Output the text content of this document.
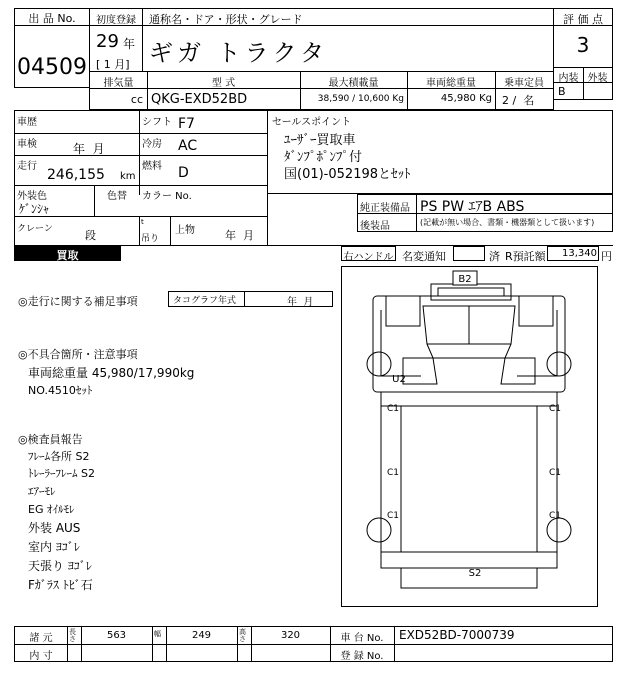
出 品 No.
04509
初度登録
29 年
[ 1 月]
通称名・ドア・形状・グレード
ギガ トラクタ
評 価 点
3
内装 外装
B
排気量
cc
型 式
QKG-EXD52BD
最大積載量
38,590 / 10,600 Kg
車両総重量
45,980 Kg
乗車定員
2 /  名
車歴
車検	年  月
走行
246,155 km
シフト F7
冷房 AC
燃料 D
外装色
ｹﾞﾝｼｬ
色替 カラー No.
クレーン	段
t
吊り
上物	年  月
セールスポイント
ﾕｰｻﾞｰ買取車
ﾀﾞﾝﾌﾟﾎﾟﾝﾌﾟ付
国(01)-052198とｾｯﾄ
純正装備品 PS PW ｴｱB ABS
後装品	(記載が無い場合、書類・機器類として扱います)
買取	右ハンドル 名変通知	済 R預託額	13,340 円
◎走行に関する補足事項	タコグラフ年式	年  月
◎不具合箇所・注意事項
車両総重量 45,980/17,990kg
NO.4510ｾｯﾄ
◎検査員報告
ﾌﾚｰﾑ各所 S2
ﾄﾚｰﾗｰﾌﾚｰﾑ S2
ｴｱｰﾓﾚ
EG ｵｲﾙﾓﾚ
外装 AUS
室内 ﾖｺﾞﾚ
天張り ﾖｺﾞﾚ
Fｶﾞﾗｽ ﾄﾋﾞ石
B2
U2
C1	C1
C1	C1
C1	C1
S2
諸 元
内 寸
長さ	563	幅	249	高さ	320	車 台 No.	EXD52BD-7000739
登 録 No.
